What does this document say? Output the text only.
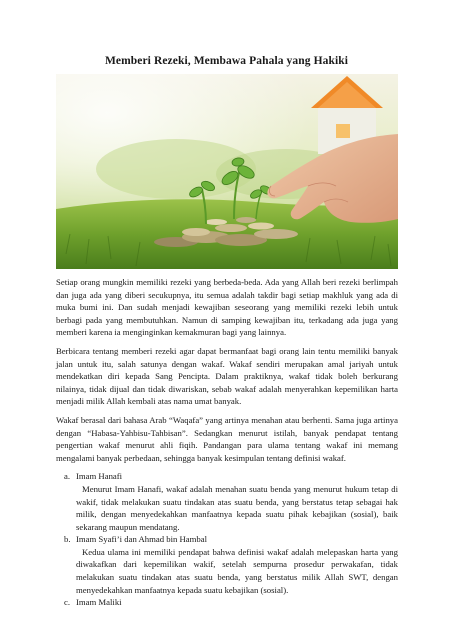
Memberi Rezeki, Membawa Pahala yang Hakiki

Setiap orang mungkin memiliki rezeki yang berbeda-beda. Ada yang Allah beri rezeki berlimpah dan juga ada yang diberi secukupnya, itu semua adalah takdir bagi setiap makhluk yang ada di muka bumi ini. Dan sudah menjadi kewajiban seseorang yang memiliki rezeki lebih untuk berbagi pada yang membutuhkan. Namun di samping kewajiban itu, terkadang ada juga yang memberi karena ia menginginkan kemakmuran bagi yang lainnya.

Berbicara tentang memberi rezeki agar dapat bermanfaat bagi orang lain tentu memiliki banyak jalan untuk itu, salah satunya dengan wakaf. Wakaf sendiri merupakan amal jariyah untuk mendekatkan diri kepada Sang Pencipta. Dalam praktiknya, wakaf tidak boleh berkurang nilainya, tidak dijual dan tidak diwariskan, sebab wakaf adalah menyerahkan kepemilikan harta menjadi milik Allah kembali atas nama umat banyak.

Wakaf berasal dari bahasa Arab “Waqafa” yang artinya menahan atau berhenti. Sama juga artinya dengan “Habasa-Yahbisu-Tahbisan”. Sedangkan menurut istilah, banyak pendapat tentang pengertian wakaf menurut ahli fiqih. Pandangan para ulama tentang wakaf ini memang mengalami banyak perbedaan, sehingga banyak kesimpulan tentang definisi wakaf.

a. Imam Hanafi
Menurut Imam Hanafi, wakaf adalah menahan suatu benda yang menurut hukum tetap di wakif, tidak melakukan suatu tindakan atas suatu benda, yang berstatus tetap sebagai hak milik, dengan menyedekahkan manfaatnya kepada suatu pihak kebajikan (sosial), baik sekarang maupun mendatang.
b. Imam Syafi’i dan Ahmad bin Hambal
Kedua ulama ini memiliki pendapat bahwa definisi wakaf adalah melepaskan harta yang diwakafkan dari kepemilikan wakif, setelah sempurna prosedur perwakafan, tidak melakukan suatu tindakan atas suatu benda, yang berstatus milik Allah SWT, dengan menyedekahkan manfaatnya kepada suatu kebajikan (sosial).
c. Imam Maliki
